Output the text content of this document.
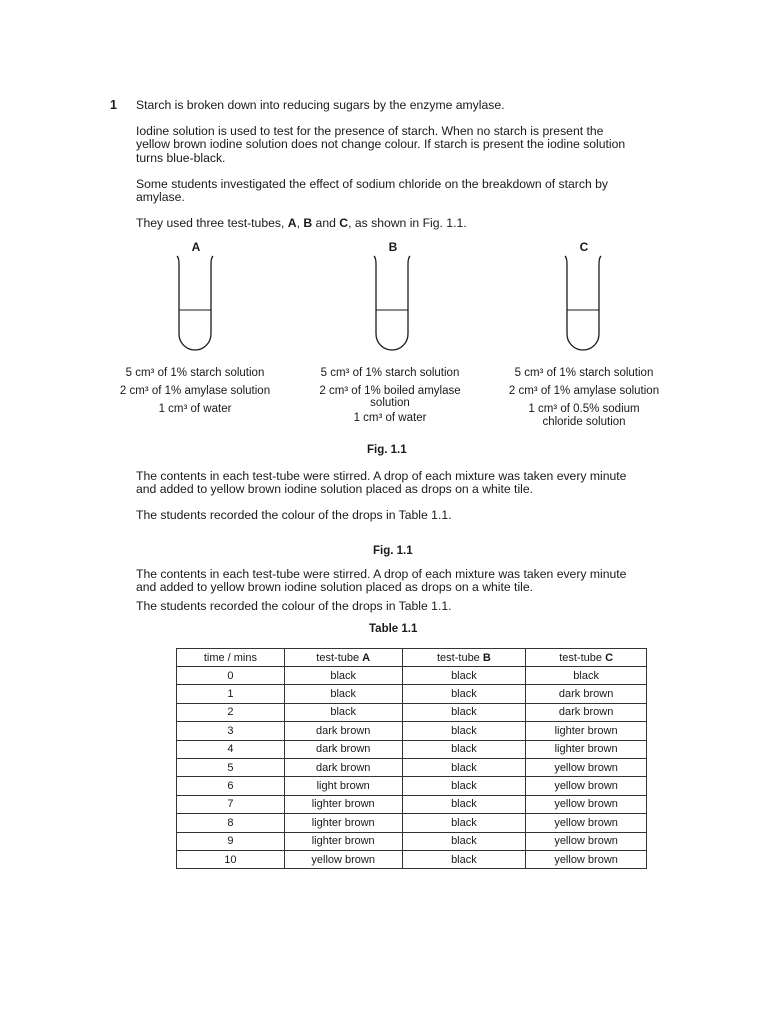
1 Starch is broken down into reducing sugars by the enzyme amylase.
Iodine solution is used to test for the presence of starch. When no starch is present the
yellow brown iodine solution does not change colour. If starch is present the iodine solution
turns blue-black.
Some students investigated the effect of sodium chloride on the breakdown of starch by
amylase.
They used three test-tubes, A, B and C, as shown in Fig. 1.1.
A	B	C
5 cm³ of 1% starch solution
2 cm³ of 1% amylase solution
1 cm³ of water
5 cm³ of 1% starch solution
2 cm³ of 1% boiled amylase
solution
1 cm³ of water
5 cm³ of 1% starch solution
2 cm³ of 1% amylase solution
1 cm³ of 0.5% sodium
chloride solution
Fig. 1.1
The contents in each test-tube were stirred. A drop of each mixture was taken every minute
and added to yellow brown iodine solution placed as drops on a white tile.
The students recorded the colour of the drops in Table 1.1.
Fig. 1.1
The contents in each test-tube were stirred. A drop of each mixture was taken every minute
and added to yellow brown iodine solution placed as drops on a white tile.
The students recorded the colour of the drops in Table 1.1.
Table 1.1
time / mins	test-tube A	test-tube B	test-tube C
0	black	black	black
1	black	black	dark brown
2	black	black	dark brown
3	dark brown	black	lighter brown
4	dark brown	black	lighter brown
5	dark brown	black	yellow brown
6	light brown	black	yellow brown
7	lighter brown	black	yellow brown
8	lighter brown	black	yellow brown
9	lighter brown	black	yellow brown
10	yellow brown	black	yellow brown
